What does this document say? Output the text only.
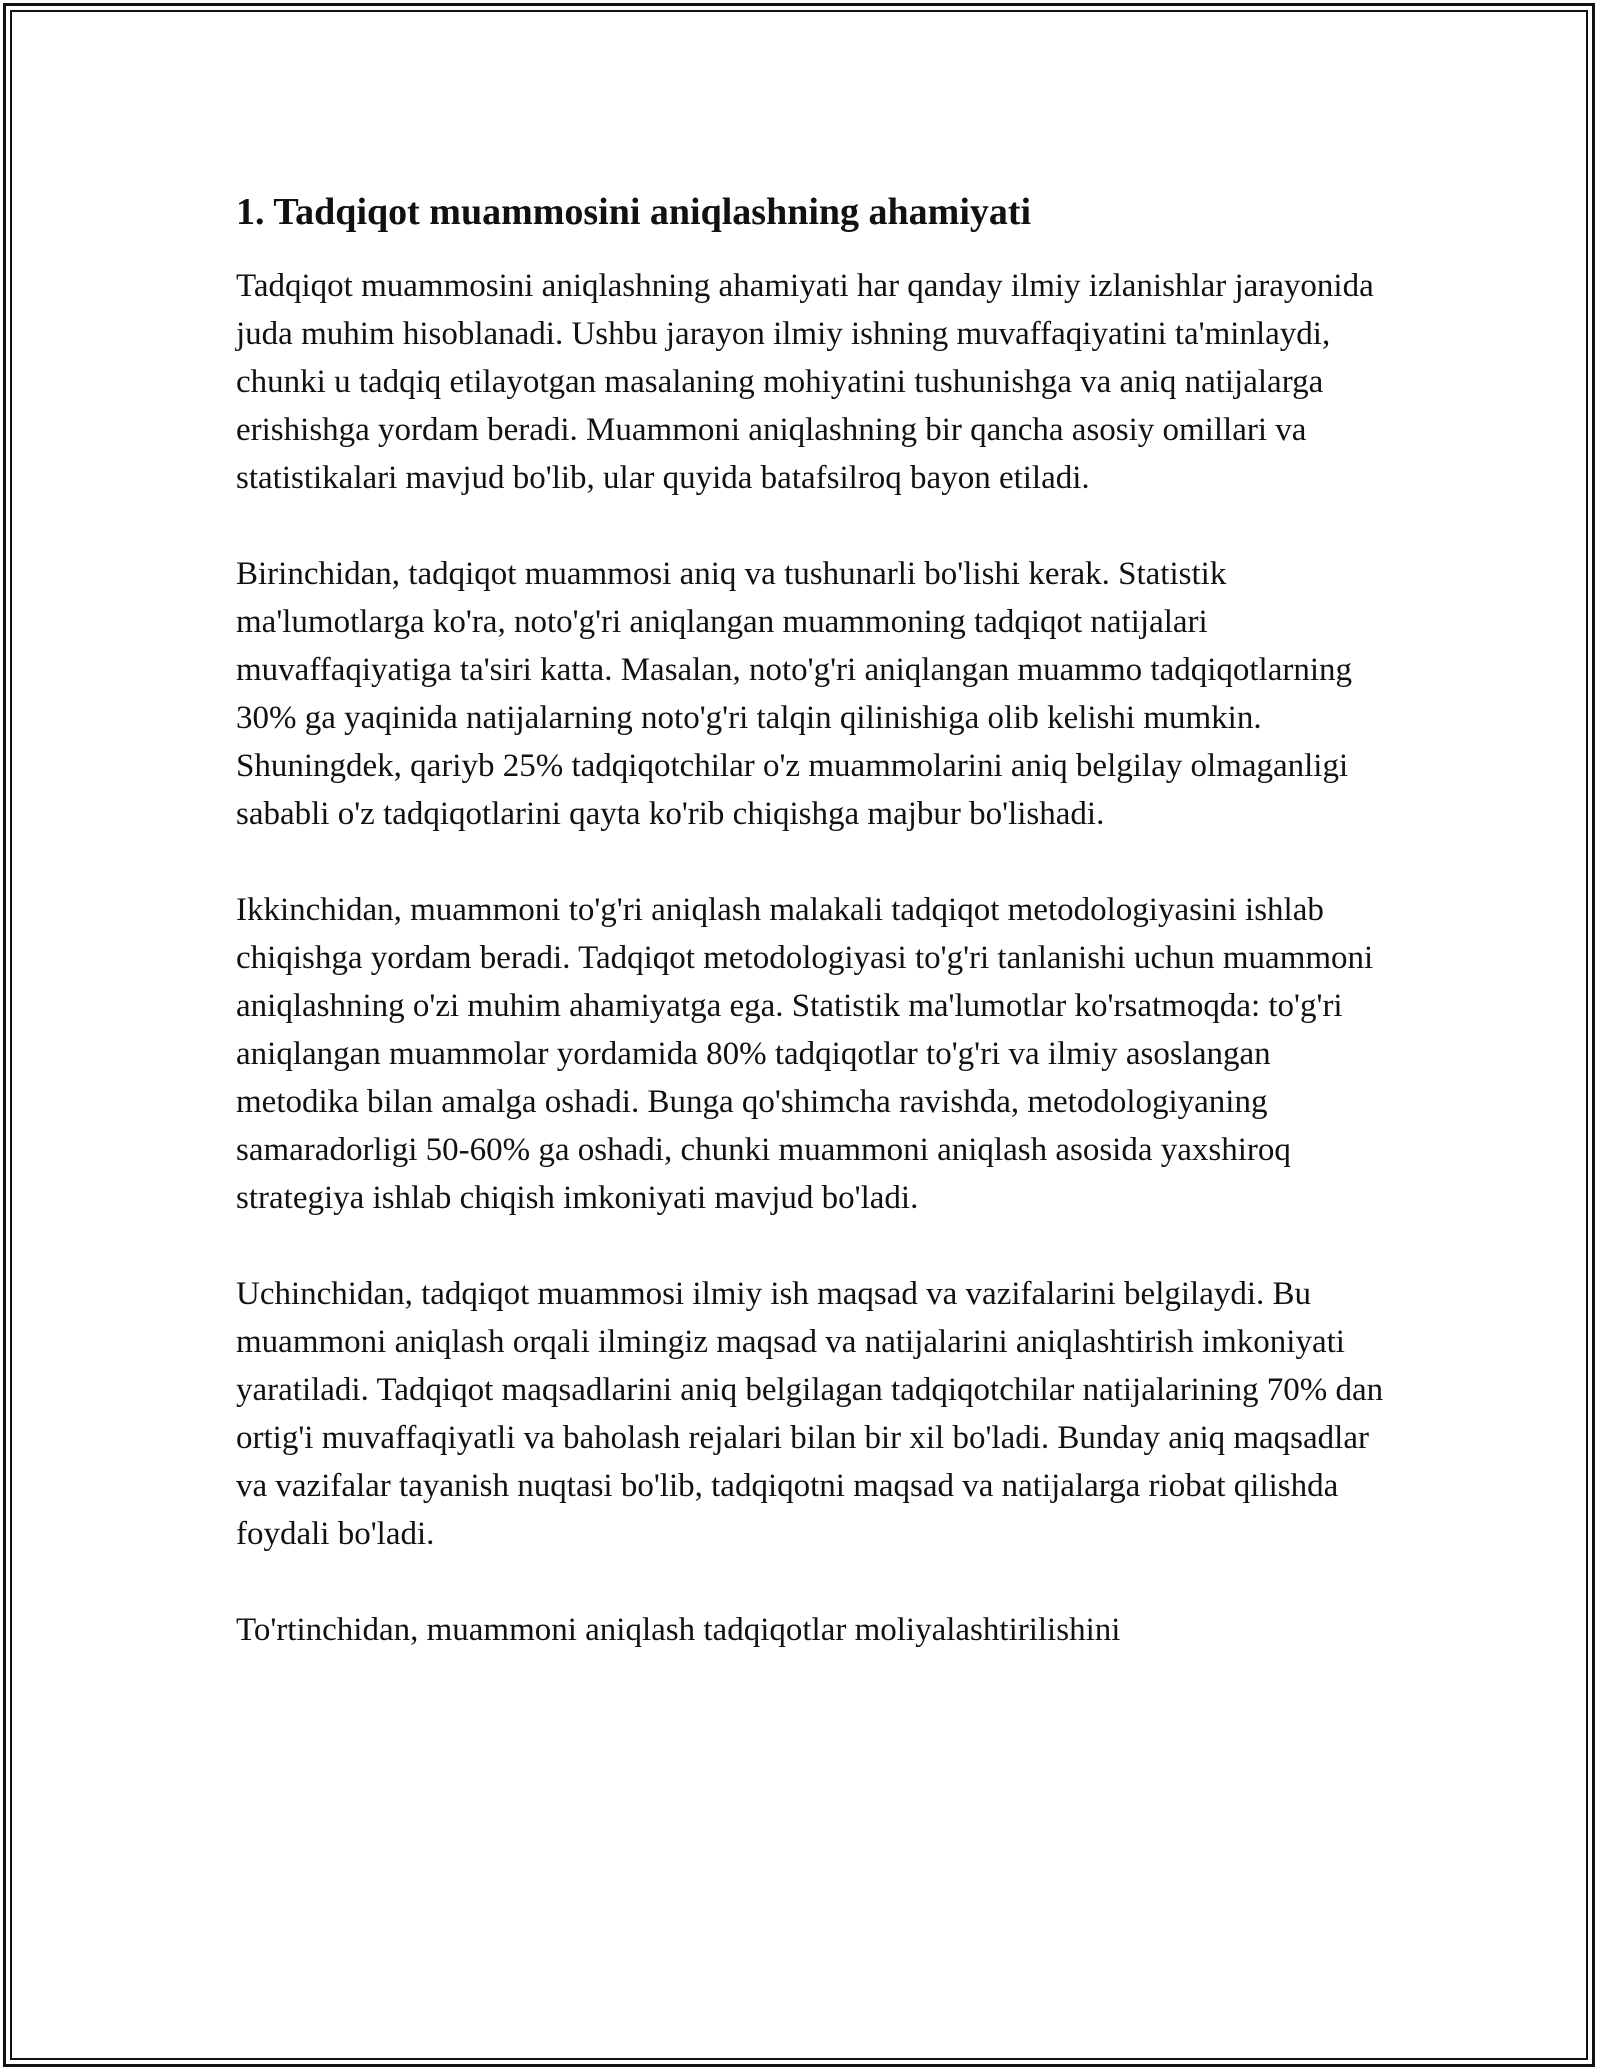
1. Tadqiqot muammosini aniqlashning ahamiyati

Tadqiqot muammosini aniqlashning ahamiyati har qanday ilmiy izlanishlar jarayonida juda muhim hisoblanadi. Ushbu jarayon ilmiy ishning muvaffaqiyatini ta'minlaydi, chunki u tadqiq etilayotgan masalaning mohiyatini tushunishga va aniq natijalarga erishishga yordam beradi. Muammoni aniqlashning bir qancha asosiy omillari va statistikalari mavjud bo'lib, ular quyida batafsilroq bayon etiladi.

Birinchidan, tadqiqot muammosi aniq va tushunarli bo'lishi kerak. Statistik ma'lumotlarga ko'ra, noto'g'ri aniqlangan muammoning tadqiqot natijalari muvaffaqiyatiga ta'siri katta. Masalan, noto'g'ri aniqlangan muammo tadqiqotlarning 30% ga yaqinida natijalarning noto'g'ri talqin qilinishiga olib kelishi mumkin. Shuningdek, qariyb 25% tadqiqotchilar o'z muammolarini aniq belgilay olmaganligi sababli o'z tadqiqotlarini qayta ko'rib chiqishga majbur bo'lishadi.

Ikkinchidan, muammoni to'g'ri aniqlash malakali tadqiqot metodologiyasini ishlab chiqishga yordam beradi. Tadqiqot metodologiyasi to'g'ri tanlanishi uchun muammoni aniqlashning o'zi muhim ahamiyatga ega. Statistik ma'lumotlar ko'rsatmoqda: to'g'ri aniqlangan muammolar yordamida 80% tadqiqotlar to'g'ri va ilmiy asoslangan metodika bilan amalga oshadi. Bunga qo'shimcha ravishda, metodologiyaning samaradorligi 50-60% ga oshadi, chunki muammoni aniqlash asosida yaxshiroq strategiya ishlab chiqish imkoniyati mavjud bo'ladi.

Uchinchidan, tadqiqot muammosi ilmiy ish maqsad va vazifalarini belgilaydi. Bu muammoni aniqlash orqali ilmingiz maqsad va natijalarini aniqlashtirish imkoniyati yaratiladi. Tadqiqot maqsadlarini aniq belgilagan tadqiqotchilar natijalarining 70% dan ortig'i muvaffaqiyatli va baholash rejalari bilan bir xil bo'ladi. Bunday aniq maqsadlar va vazifalar tayanish nuqtasi bo'lib, tadqiqotni maqsad va natijalarga riobat qilishda foydali bo'ladi.

To'rtinchidan, muammoni aniqlash tadqiqotlar moliyalashtirilishini
